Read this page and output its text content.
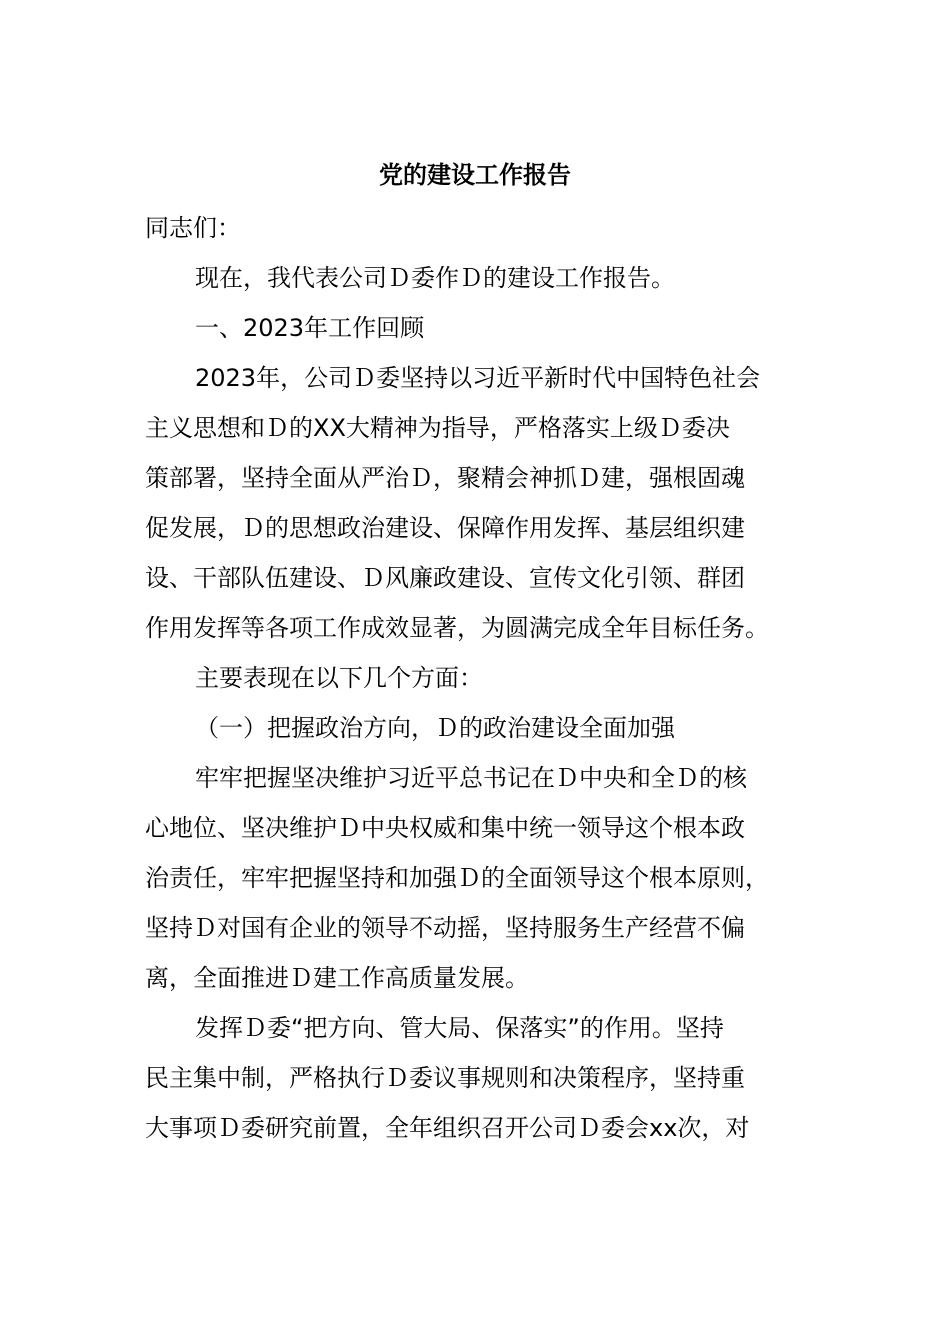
党的建设工作报告

同志们：

现在，我代表公司Ｄ委作Ｄ的建设工作报告。

一、2023年工作回顾

2023年，公司Ｄ委坚持以习近平新时代中国特色社会
主义思想和Ｄ的XX大精神为指导，严格落实上级Ｄ委决
策部署，坚持全面从严治Ｄ，聚精会神抓Ｄ建，强根固魂
促发展，Ｄ的思想政治建设、保障作用发挥、基层组织建
设、干部队伍建设、Ｄ风廉政建设、宣传文化引领、群团
作用发挥等各项工作成效显著，为圆满完成全年目标任务。

主要表现在以下几个方面：

（一）把握政治方向，Ｄ的政治建设全面加强

牢牢把握坚决维护习近平总书记在Ｄ中央和全Ｄ的核
心地位、坚决维护Ｄ中央权威和集中统一领导这个根本政
治责任，牢牢把握坚持和加强Ｄ的全面领导这个根本原则，
坚持Ｄ对国有企业的领导不动摇，坚持服务生产经营不偏
离，全面推进Ｄ建工作高质量发展。

发挥Ｄ委“把方向、管大局、保落实”的作用。坚持
民主集中制，严格执行Ｄ委议事规则和决策程序，坚持重
大事项Ｄ委研究前置，全年组织召开公司Ｄ委会xx次，对
